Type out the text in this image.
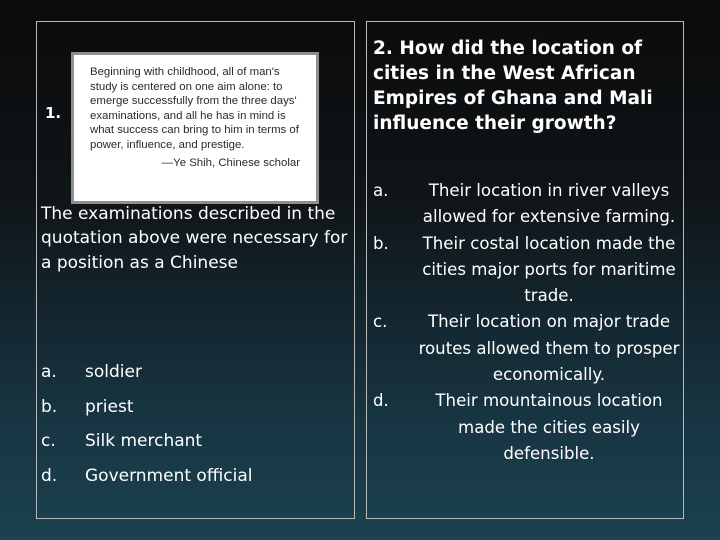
1.
Beginning with childhood, all of man's
study is centered on one aim alone: to
emerge successfully from the three days'
examinations, and all he has in mind is
what success can bring to him in terms of
power, influence, and prestige.
—Ye Shih, Chinese scholar
The examinations described in the quotation above were necessary for a position as a Chinese
a.	soldier
b.	priest
c.	Silk merchant
d.	Government official
2. How did the location of cities in the West African Empires of Ghana and Mali influence their growth?
a.	Their location in river valleys allowed for extensive farming.
b.	Their costal location made the cities major ports for maritime trade.
c.	Their location on major trade routes allowed them to prosper economically.
d.	Their mountainous location made the cities easily defensible.
